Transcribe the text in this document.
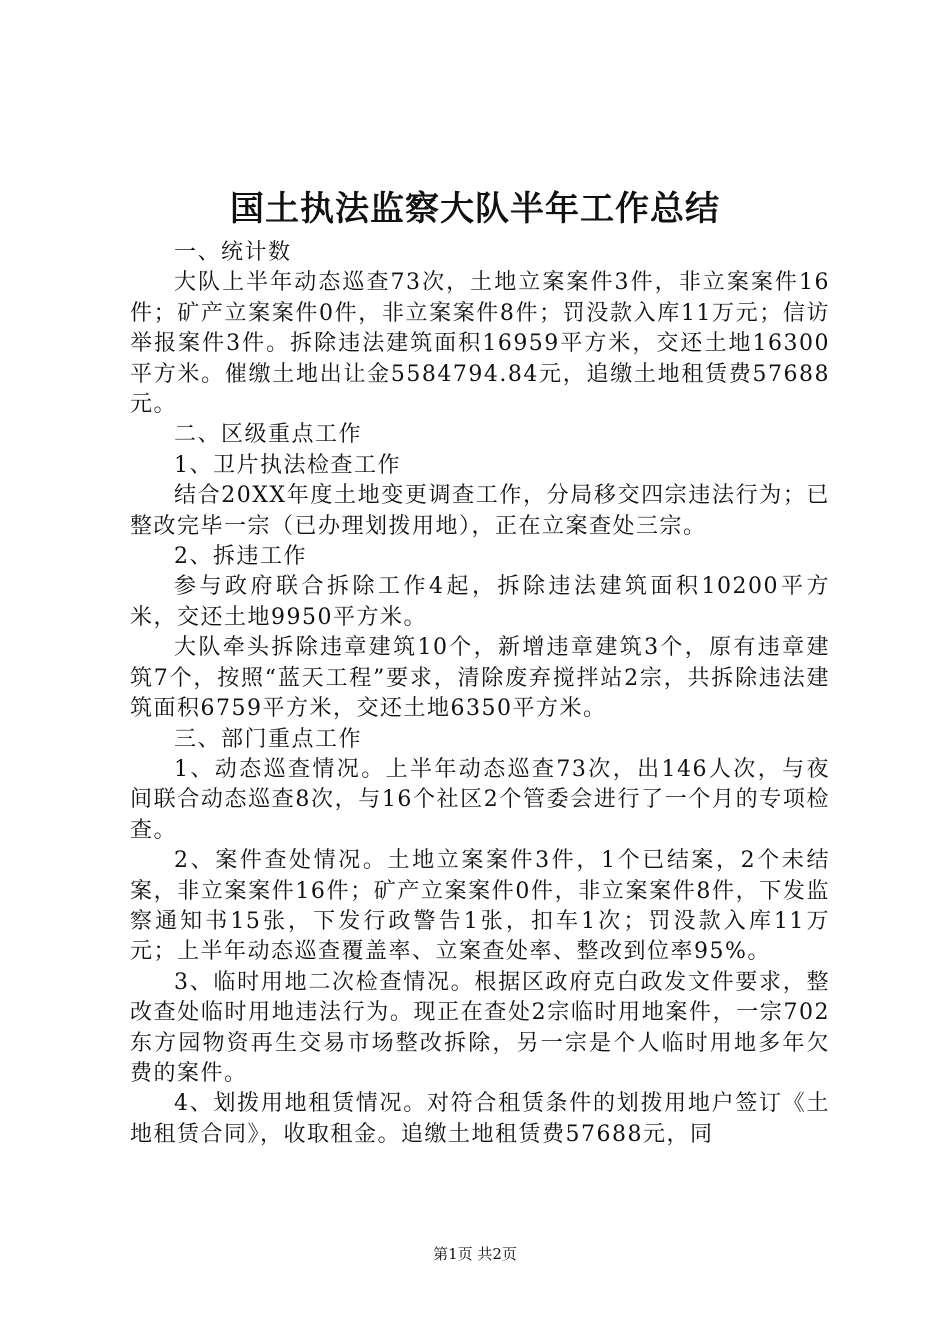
国土执法监察大队半年工作总结

一、统计数

大队上半年动态巡查73次，土地立案案件3件，非立案案件16件；矿产立案案件0件，非立案案件8件；罚没款入库11万元；信访举报案件3件。拆除违法建筑面积16959平方米，交还土地16300平方米。催缴土地出让金5584794.84元，追缴土地租赁费57688元。

二、区级重点工作

1、卫片执法检查工作

结合20XX年度土地变更调查工作，分局移交四宗违法行为；已整改完毕一宗（已办理划拨用地），正在立案查处三宗。

2、拆违工作

参与政府联合拆除工作4起，拆除违法建筑面积10200平方米，交还土地9950平方米。

大队牵头拆除违章建筑10个，新增违章建筑3个，原有违章建筑7个，按照“蓝天工程”要求，清除废弃搅拌站2宗，共拆除违法建筑面积6759平方米，交还土地6350平方米。

三、部门重点工作

1、动态巡查情况。上半年动态巡查73次，出146人次，与夜间联合动态巡查8次，与16个社区2个管委会进行了一个月的专项检查。

2、案件查处情况。土地立案案件3件，1个已结案，2个未结案，非立案案件16件；矿产立案案件0件，非立案案件8件，下发监察通知书15张，下发行政警告1张，扣车1次；罚没款入库11万元；上半年动态巡查覆盖率、立案查处率、整改到位率95%。

3、临时用地二次检查情况。根据区政府克白政发文件要求，整改查处临时用地违法行为。现正在查处2宗临时用地案件，一宗702东方园物资再生交易市场整改拆除，另一宗是个人临时用地多年欠费的案件。

4、划拨用地租赁情况。对符合租赁条件的划拨用地户签订《土地租赁合同》，收取租金。追缴土地租赁费57688元，同

第1页 共2页
